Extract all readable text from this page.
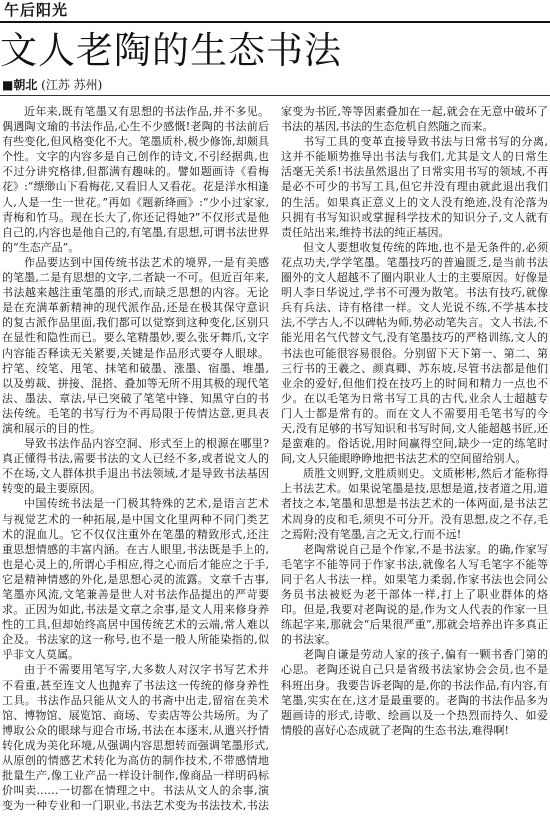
午后阳光
文人老陶的生态书法
■朝北 (江苏 苏州)

近年来,既有笔墨又有思想的书法作品,并不多见。偶遇陶文瑜的书法作品,心生不少感慨!老陶的书法前后有些变化,但风格变化不大。笔墨质朴,极少修饰,却颇具个性。文字的内容多是自己创作的诗文,不引经据典,也不过分讲究格律,但都满有趣味的。譬如题画诗《看梅花》:“缥缈山下看梅花,又看旧人又看花。花是洋水相逢人,人是一生一世花。”再如《题新绛画》:“少小过家家,青梅和竹马。现在长大了,你还记得她?”不仅形式是他自己的,内容也是他自己的,有笔墨,有思想,可谓书法世界的“生态产品”。

作品要达到中国传统书法艺术的境界,一是有美感的笔墨,二是有思想的文字,二者缺一不可。但近百年来,书法越来越注重笔墨的形式,而缺乏思想的内容。无论是在充满革新精神的现代派作品,还是在极其保守意识的复古派作品里面,我们都可以觉察到这种变化,区别只在显性和隐性而已。要么笔精墨妙,要么张牙舞爪,文字内容能否释读无关紧要,关键是作品形式要夺人眼球。拧笔、绞笔、甩笔、抹笔和破墨、涨墨、宿墨、堆墨,以及剪裁、拼接、混搭、叠加等无所不用其极的现代笔法、墨法、章法,早已突破了笔笔中锋、知黑守白的书法传统。毛笔的书写行为不再局限于传情达意,更具表演和展示的目的性。

导致书法作品内容空洞、形式至上的根源在哪里?真正懂得书法,需要书法的文人已经不多,或者说文人的不在场,文人群体拱手退出书法领域,才是导致书法基因转变的最主要原因。

中国传统书法是一门极其特殊的艺术,是语言艺术与视觉艺术的一种拓展,是中国文化里两种不同门类艺术的混血儿。它不仅仅注重外在笔墨的精致形式,还注重思想情感的丰富内涵。在古人眼里,书法既是手上的,也是心灵上的,所谓心手相应,得之心而后才能应之于手,它是精神情感的外化,是思想心灵的流露。文章千古事,笔墨亦风流,文笔兼善是世人对书法作品提出的严苛要求。正因为如此,书法是文章之余事,是文人用来修身养性的工具,但却始终高居中国传统艺术的云端,常人难以企及。书法家的这一称号,也不是一般人所能染指的,似乎非文人莫属。

由于不需要用笔写字,大多数人对汉字书写艺术并不看重,甚至连文人也抛弃了书法这一传统的修身养性工具。书法作品只能从文人的书斋中出走,留宿在美术馆、博物馆、展览馆、商场、专卖店等公共场所。为了博取公众的眼球与迎合市场,书法在本逐末,从遣兴抒情转化成为美化环境,从强调内容思想转而强调笔墨形式,从原创的情感艺术转化为高仿的制作技术,不带感情地批量生产,像工业产品一样设计制作,像商品一样明码标价叫卖……一切都在情理之中。书法从文人的余事,演变为一种专业和一门职业,书法艺术变为书法技术,书法家变为书匠,等等因素叠加在一起,就会在无意中破坏了书法的基因,书法的生态危机自然随之而来。

书写工具的变革直接导致书法与日常书写的分离,这并不能顺势推导出书法与我们,尤其是文人的日常生活毫无关系!书法虽然退出了日常实用书写的领域,不再是必不可少的书写工具,但它并没有理由就此退出我们的生活。如果真正意义上的文人没有绝迹,没有沦落为只拥有书写知识或掌握科学技术的知识分子,文人就有责任站出来,维持书法的纯正基因。

但文人要想收复传统的阵地,也不是无条件的,必须花点功夫,学学笔墨。笔墨技巧的普遍匮乏,是当前书法圈外的文人超越不了圈内职业人士的主要原因。好像是明人李日华说过,学书不可漫为散笔。书法有技巧,就像兵有兵法、诗有格律一样。文人光说不练,不学基本技法,不学古人,不以碑帖为师,势必动笔失言。文人书法,不能光用名气代替文气,没有笔墨技巧的严格训练,文人的书法也可能很容易很俗。分别留下天下第一、第二、第三行书的王羲之、颜真卿、苏东坡,尽管书法都是他们业余的爱好,但他们投在技巧上的时间和精力一点也不少。在以毛笔为日常书写工具的古代,业余人士超越专门人士都是常有的。而在文人不需要用毛笔书写的今天,没有足够的书写知识和书写时间,文人能超越书匠,还是蛮难的。俗话说,用时间赢得空间,缺少一定的练笔时间,文人只能眼睁睁地把书法艺术的空间留给别人。

质胜文则野,文胜质则史。文质彬彬,然后才能称得上书法艺术。如果说笔墨是技,思想是道,技者道之用,道者技之本,笔墨和思想是书法艺术的一体两面,是书法艺术周身的皮和毛,须臾不可分开。没有思想,皮之不存,毛之焉附;没有笔墨,言之无文,行而不远!

老陶常说自己是个作家,不是书法家。的确,作家写毛笔字不能等同于作家书法,就像名人写毛笔字不能等同于名人书法一样。如果笔力柔弱,作家书法也会同公务员书法被贬为老干部体一样,打上了职业群体的烙印。但是,我要对老陶说的是,作为文人代表的作家一旦练起字来,那就会“后果很严重”,那就会培养出许多真正的书法家。

老陶自谦是劳动人家的孩子,偏有一颗书香门第的心思。老陶还说自己只是省级书法家协会会员,也不是科班出身。我要告诉老陶的是,你的书法作品,有内容,有笔墨,实实在在,这才是最重要的。老陶的书法作品多为题画诗的形式,诗歌、绘画以及一个热烈而持久、如爱情般的喜好心态成就了老陶的生态书法,难得啊!
